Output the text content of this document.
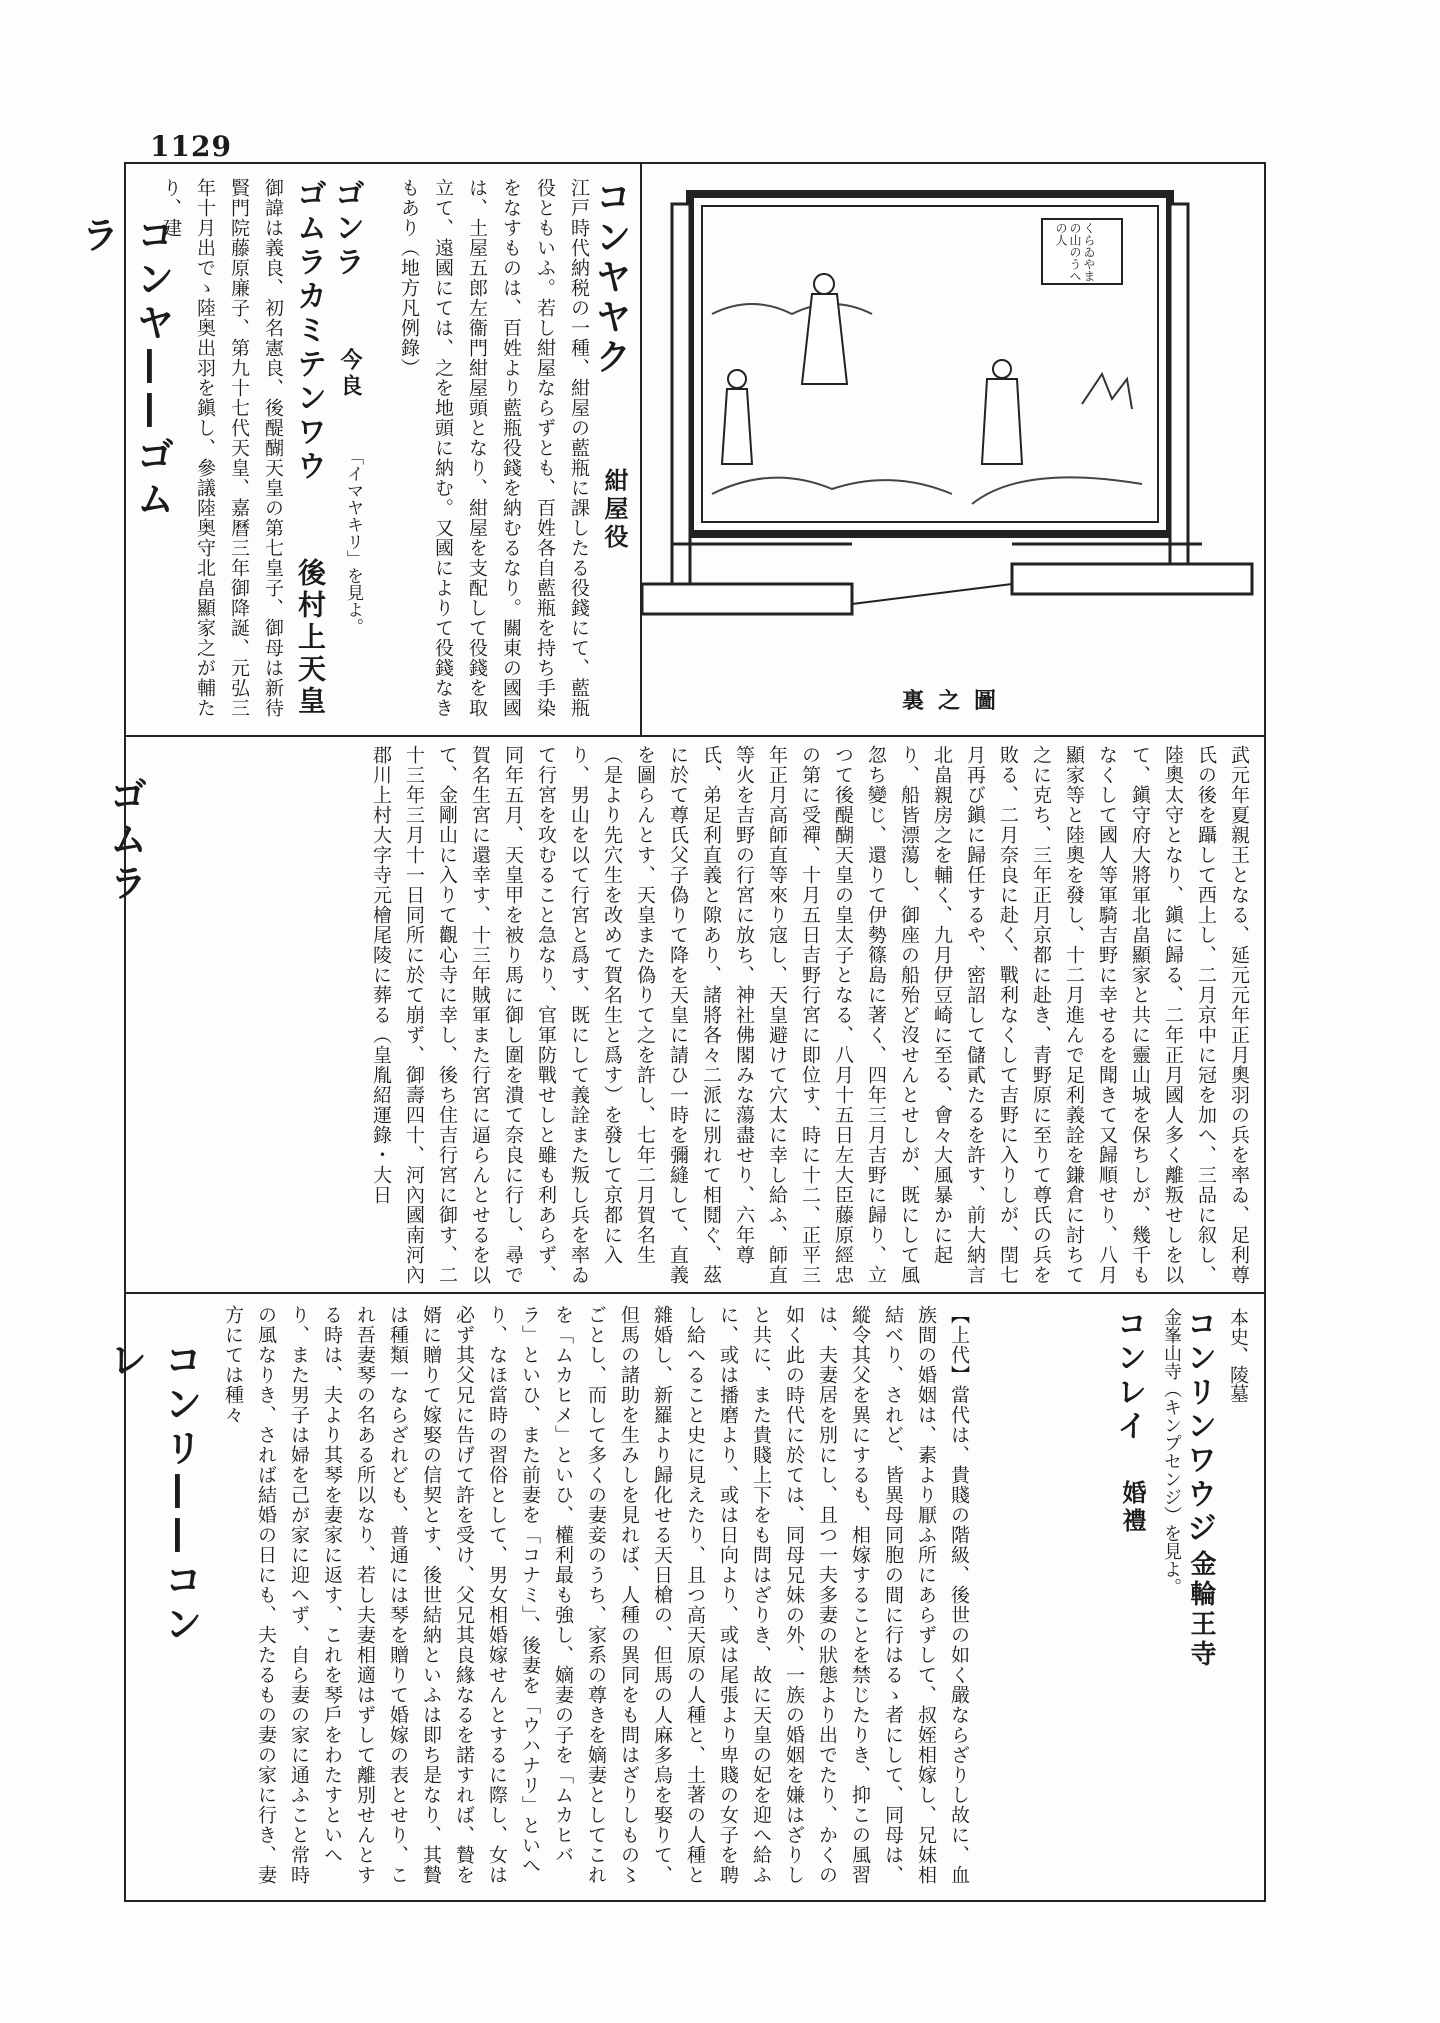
1129
コンヤ——ゴムラ
ゴムラ
コンリ——コンレ
くらゐやまの山のうへの人
裏之圖
コンヤヤク
紺屋役
江戸時代納税の一種、紺屋の藍瓶に課したる役錢にて、藍瓶役ともいふ。若し紺屋ならずとも、百姓各自藍瓶を持ち手染をなすものは、百姓より藍瓶役錢を納むるなり。關東の國國は、土屋五郎左衞門紺屋頭となり、紺屋を支配して役錢を取立て、遠國にては、之を地頭に納む。又國によりて役錢なきもあり（地方凡例錄）
ゴンラ
今良
「イマヤキリ」を見よ。
ゴムラカミテンワウ
後村上天皇
御諱は義良、初名憲良、後醍醐天皇の第七皇子、御母は新待賢門院藤原廉子、第九十七代天皇、嘉曆三年御降誕、元弘三年十月出でゝ陸奥出羽を鎭し、參議陸奥守北畠顯家之が輔たり、建
武元年夏親王となる、延元元年正月奧羽の兵を率ゐ、足利尊氏の後を躡して西上し、二月京中に冠を加へ、三品に叙し、陸奧太守となり、鎭に歸る、二年正月國人多く離叛せしを以て、鎭守府大將軍北畠顯家と共に靈山城を保ちしが、幾千もなくして國人等軍騎吉野に幸せるを聞きて又歸順せり、八月顯家等と陸奧を發し、十二月進んで足利義詮を鎌倉に討ちて之に克ち、三年正月京都に赴き、青野原に至りて尊氏の兵を敗る、二月奈良に赴く、戰利なくして吉野に入りしが、閏七月再び鎭に歸任するや、密詔して儲貳たるを許す、前大納言北畠親房之を輔く、九月伊豆崎に至る、會々大風暴かに起り、船皆漂蕩し、御座の船殆ど沒せんとせしが、既にして風忽ち變じ、還りて伊勢篠島に著く、四年三月吉野に歸り、立つて後醍醐天皇の皇太子となる、八月十五日左大臣藤原經忠の第に受禪、十月五日吉野行宮に即位す、時に十二、正平三年正月高師直等來り寇し、天皇避けて穴太に幸し給ふ、師直等火を吉野の行宮に放ち、神社佛閣みな蕩盡せり、六年尊氏、弟足利直義と隙あり、諸將各々二派に別れて相鬩ぐ、茲に於て尊氏父子偽りて降を天皇に請ひ一時を彌縫して、直義を圖らんとす、天皇また偽りて之を許し、七年二月賀名生（是より先穴生を改めて賀名生と爲す）を發して京都に入り、男山を以て行宮と爲す、既にして義詮また叛し兵を率ゐて行宮を攻むること急なり、官軍防戰せしと雖も利あらず、同年五月、天皇甲を被り馬に御し圍を潰て奈良に行し、尋で賀名生宮に還幸す、十三年賊軍また行宮に逼らんとせるを以て、金剛山に入りて觀心寺に幸し、後ち住吉行宮に御す、二十三年三月十一日同所に於て崩ず、御壽四十、河內國南河內郡川上村大字寺元檜尾陵に葬る（皇胤紹運錄・大日
本史、陵墓
コンリンワウジ
金輪王寺
金峯山寺（キンプセンジ）を見よ。
コンレイ
婚禮
【上代】當代は、貴賤の階級、後世の如く嚴ならざりし故に、血族間の婚姻は、素より厭ふ所にあらずして、叔姪相嫁し、兄妹相結べり、されど、皆異母同胞の間に行はるゝ者にして、同母は、縱令其父を異にするも、相嫁することを禁じたりき、抑この風習は、夫妻居を別にし、且つ一夫多妻の狀態より出でたり、かくの如く此の時代に於ては、同母兄妹の外、一族の婚姻を嫌はざりしと共に、また貴賤上下をも問はざりき、故に天皇の妃を迎へ給ふに、或は播磨より、或は日向より、或は尾張より卑賤の女子を聘し給へること史に見えたり、且つ高天原の人種と、土著の人種と雜婚し、新羅より歸化せる天日槍の、但馬の人麻多烏を娶りて、但馬の諸助を生みしを見れば、人種の異同をも問はざりしもの〻ごとし、而して多くの妻妾のうち、家系の尊きを嫡妻としてこれを「ムカヒメ」といひ、權利最も強し、嫡妻の子を「ムカヒバラ」といひ、また前妻を「コナミ」、後妻を「ウハナリ」といへり、なほ當時の習俗として、男女相婚嫁せんとするに際し、女は必ず其父兄に告げて許を受け、父兄其良緣なるを諾すれば、贄を婿に贈りて嫁娶の信契とす、後世結納といふは即ち是なり、其贄は種類一ならざれども、普通には琴を贈りて婚嫁の表とせり、これ吾妻琴の名ある所以なり、若し夫妻相適はずして離別せんとする時は、夫より其琴を妻家に返す、これを琴戶をわたすといへり、また男子は婦を己が家に迎へず、自ら妻の家に通ふこと常時の風なりき、されば結婚の日にも、夫たるもの妻の家に行き、妻方にては種々
